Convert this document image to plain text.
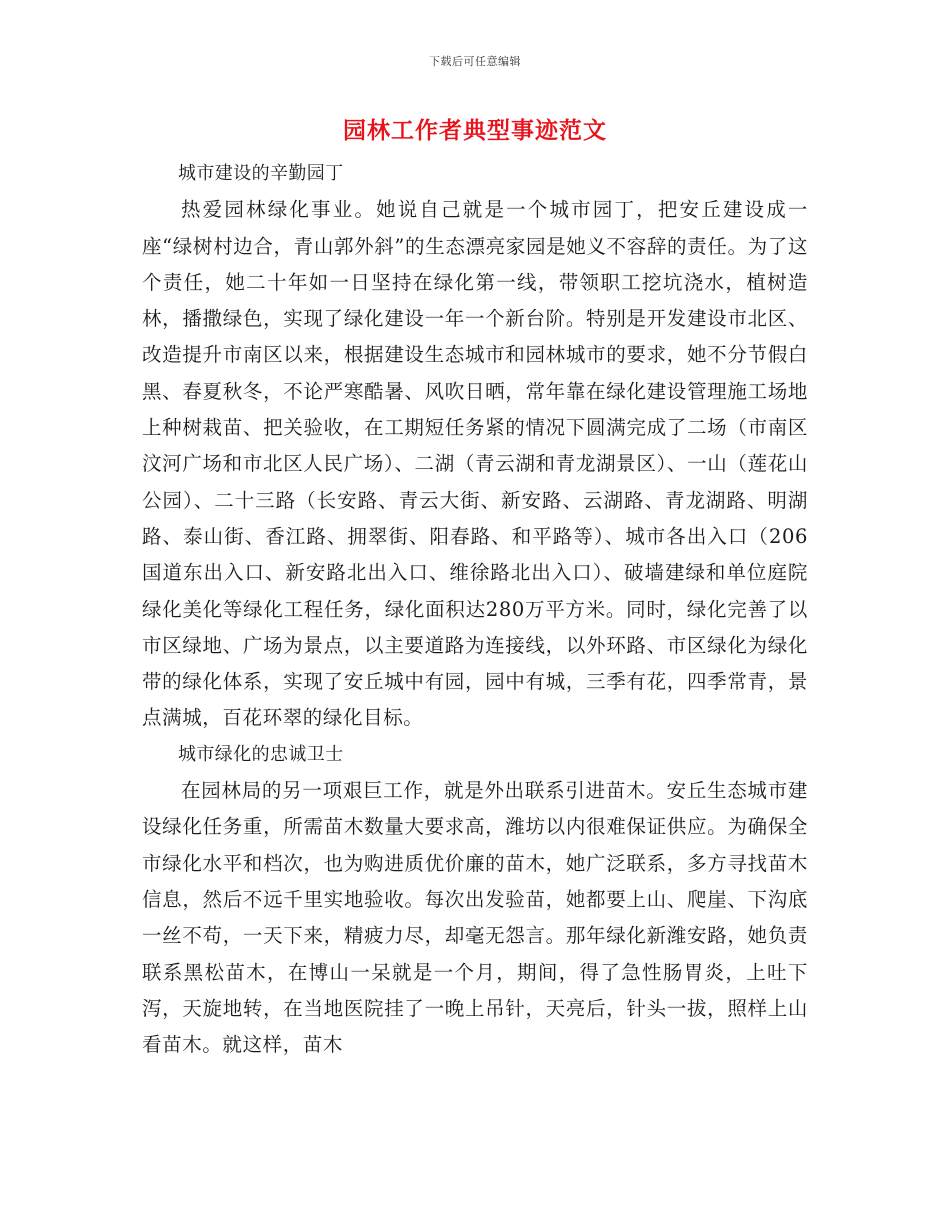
下载后可任意编辑
园林工作者典型事迹范文

城市建设的辛勤园丁

热爱园林绿化事业。她说自己就是一个城市园丁，把安丘建设成一座“绿树村边合，青山郭外斜”的生态漂亮家园是她义不容辞的责任。为了这个责任，她二十年如一日坚持在绿化第一线，带领职工挖坑浇水，植树造林，播撒绿色，实现了绿化建设一年一个新台阶。特别是开发建设市北区、改造提升市南区以来，根据建设生态城市和园林城市的要求，她不分节假白黑、春夏秋冬，不论严寒酷暑、风吹日晒，常年靠在绿化建设管理施工场地上种树栽苗、把关验收，在工期短任务紧的情况下圆满完成了二场（市南区汶河广场和市北区人民广场）、二湖（青云湖和青龙湖景区）、一山（莲花山公园）、二十三路（长安路、青云大街、新安路、云湖路、青龙湖路、明湖路、泰山街、香江路、拥翠街、阳春路、和平路等）、城市各出入口（206国道东出入口、新安路北出入口、维徐路北出入口）、破墙建绿和单位庭院绿化美化等绿化工程任务，绿化面积达280万平方米。同时，绿化完善了以市区绿地、广场为景点，以主要道路为连接线，以外环路、市区绿化为绿化带的绿化体系，实现了安丘城中有园，园中有城，三季有花，四季常青，景点满城，百花环翠的绿化目标。

城市绿化的忠诚卫士

在园林局的另一项艰巨工作，就是外出联系引进苗木。安丘生态城市建设绿化任务重，所需苗木数量大要求高，潍坊以内很难保证供应。为确保全市绿化水平和档次，也为购进质优价廉的苗木，她广泛联系，多方寻找苗木信息，然后不远千里实地验收。每次出发验苗，她都要上山、爬崖、下沟底一丝不苟，一天下来，精疲力尽，却毫无怨言。那年绿化新潍安路，她负责联系黑松苗木，在博山一呆就是一个月，期间，得了急性肠胃炎，上吐下泻，天旋地转，在当地医院挂了一晚上吊针，天亮后，针头一拔，照样上山看苗木。就这样，苗木
